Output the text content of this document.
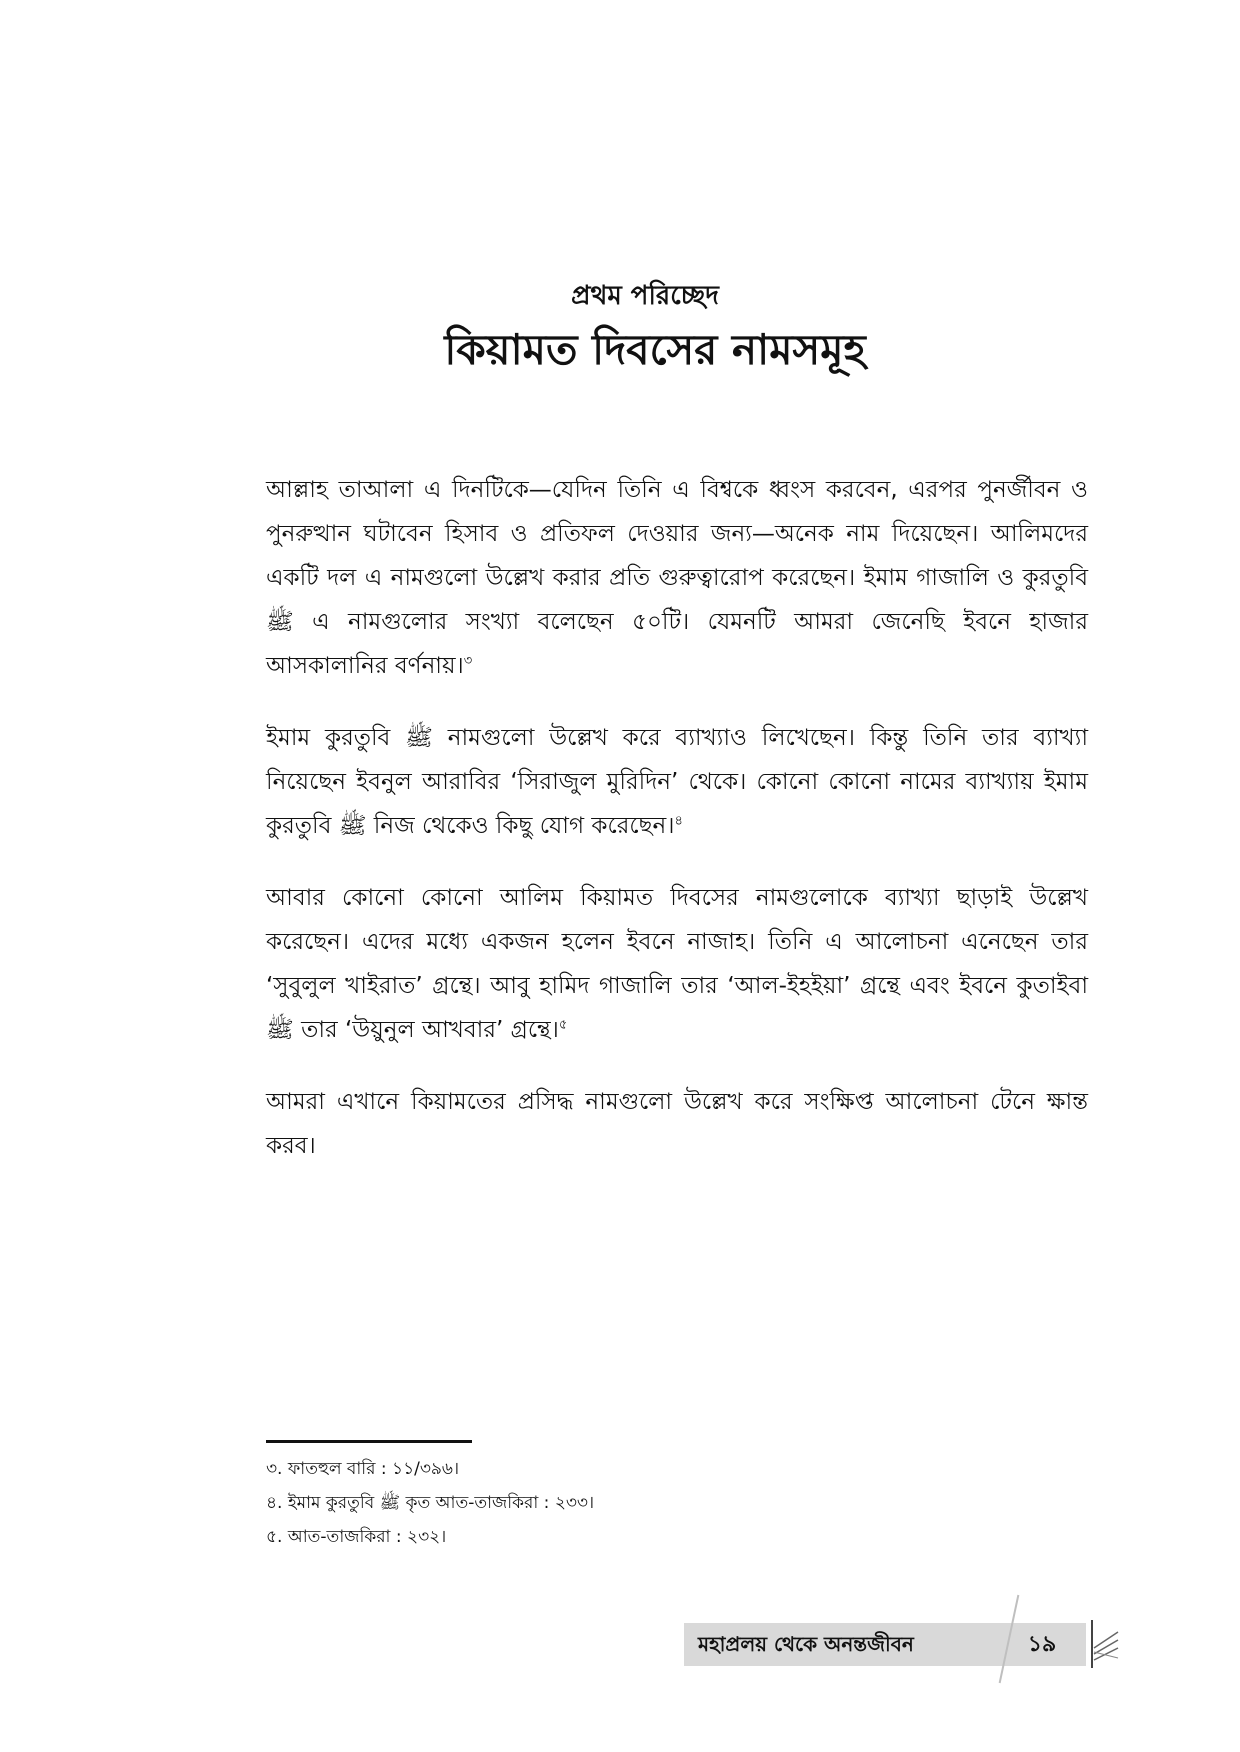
প্রথম পরিচ্ছেদ
কিয়ামত দিবসের নামসমূহ

আল্লাহ তাআলা এ দিনটিকে—যেদিন তিনি এ বিশ্বকে ধ্বংস করবেন, এরপর পুনর্জীবন ও পুনরুত্থান ঘটাবেন হিসাব ও প্রতিফল দেওয়ার জন্য—অনেক নাম দিয়েছেন। আলিমদের একটি দল এ নামগুলো উল্লেখ করার প্রতি গুরুত্বারোপ করেছেন। ইমাম গাজালি ও কুরতুবি ﷺ এ নামগুলোর সংখ্যা বলেছেন ৫০টি। যেমনটি আমরা জেনেছি ইবনে হাজার আসকালানির বর্ণনায়।$^৩$

ইমাম কুরতুবি ﷺ নামগুলো উল্লেখ করে ব্যাখ্যাও লিখেছেন। কিন্তু তিনি তার ব্যাখ্যা নিয়েছেন ইবনুল আরাবির ‘সিরাজুল মুরিদিন’ থেকে। কোনো কোনো নামের ব্যাখ্যায় ইমাম কুরতুবি ﷺ নিজ থেকেও কিছু যোগ করেছেন।$^৪$

আবার কোনো কোনো আলিম কিয়ামত দিবসের নামগুলোকে ব্যাখ্যা ছাড়াই উল্লেখ করেছেন। এদের মধ্যে একজন হলেন ইবনে নাজাহ। তিনি এ আলোচনা এনেছেন তার ‘সুবুলুল খাইরাত’ গ্রন্থে। আবু হামিদ গাজালি তার ‘আল-ইহইয়া’ গ্রন্থে এবং ইবনে কুতাইবা ﷺ তার ‘উয়ুনুল আখবার’ গ্রন্থে।$^৫$

আমরা এখানে কিয়ামতের প্রসিদ্ধ নামগুলো উল্লেখ করে সংক্ষিপ্ত আলোচনা টেনে ক্ষান্ত করব।

৩. ফাতহুল বারি : ১১/৩৯৬।
৪. ইমাম কুরতুবি ﷺ কৃত আত-তাজকিরা : ২৩৩।
৫. আত-তাজকিরা : ২৩২।
মহাপ্রলয় থেকে অনন্তজীবন	১৯
